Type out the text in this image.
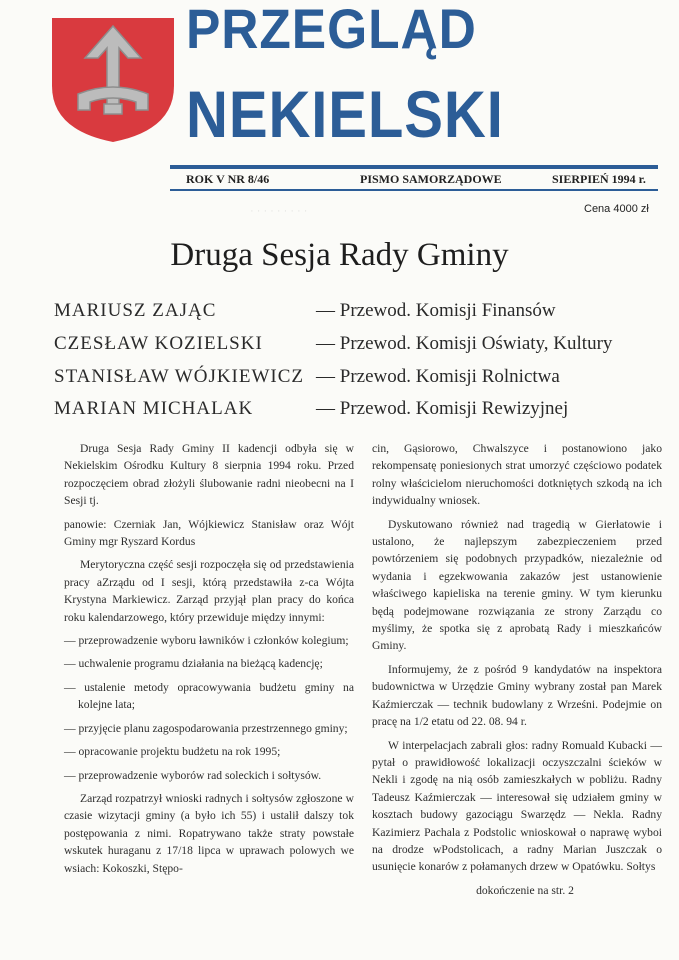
· · · · · · · · ·
PRZEGLĄD
NEKIELSKI
ROK V NR 8/46	PISMO SAMORZĄDOWE	SIERPIEŃ 1994 r.
Cena 4000 zł
Druga Sesja Rady Gminy
MARIUSZ ZAJĄC	— Przewod. Komisji Finansów
CZESŁAW KOZIELSKI	— Przewod. Komisji Oświaty, Kultury
STANISŁAW WÓJKIEWICZ — Przewod. Komisji Rolnictwa
MARIAN MICHALAK	— Przewod. Komisji Rewizyjnej

Druga Sesja Rady Gminy II kadencji odbyła się w Nekielskim Ośrodku Kultury 8 sierpnia 1994 roku. Przed rozpoczęciem obrad złożyli ślubowanie radni nieobecni na I Sesji tj.

panowie: Czerniak Jan, Wójkiewicz Stanisław oraz Wójt Gminy mgr Ryszard Kordus

Merytoryczna część sesji rozpoczęła się od przedstawienia pracy aZrządu od I sesji, którą przedstawiła z-ca Wójta Krystyna Markiewicz. Zarząd przyjął plan pracy do końca roku kalendarzowego, który przewiduje między innymi:

— przeprowadzenie wyboru ławników i członków kolegium;
— uchwalenie programu działania na bieżącą kadencję;
— ustalenie metody opracowywania budżetu gminy na kolejne lata;
— przyjęcie planu zagospodarowania przestrzennego gminy;
— opracowanie projektu budżetu na rok 1995;
— przeprowadzenie wyborów rad soleckich i sołtysów.

Zarząd rozpatrzył wnioski radnych i sołtysów zgłoszone w czasie wizytacji gminy (a było ich 55) i ustalił dalszy tok postępowania z nimi. Ropatrywano także straty powstałe wskutek huraganu z 17/18 lipca w uprawach polowych we wsiach: Kokoszki, Stępo-

cin, Gąsiorowo, Chwalszyce i postanowiono jako rekompensatę poniesionych strat umorzyć częściowo podatek rolny właścicielom nieruchomości dotkniętych szkodą na ich indywidualny wniosek.

Dyskutowano również nad tragedią w Gierłatowie i ustalono, że najlepszym zabezpieczeniem przed powtórzeniem się podobnych przypadków, niezależnie od wydania i egzekwowania zakazów jest ustanowienie właściwego kapieliska na terenie gminy. W tym kierunku będą podejmowane rozwiązania ze strony Zarządu co myślimy, że spotka się z aprobatą Rady i mieszkańców Gminy.

Informujemy, że z pośród 9 kandydatów na inspektora budownictwa w Urzędzie Gminy wybrany został pan Marek Kaźmierczak — technik budowlany z Wrześni. Podejmie on pracę na 1/2 etatu od 22. 08. 94 r.

W interpelacjach zabrali głos: radny Romuald Kubacki — pytał o prawidłowość lokalizacji oczyszczalni ścieków w Nekli i zgodę na nią osób zamieszkałych w pobliżu. Radny Tadeusz Kaźmierczak — interesował się udziałem gminy w kosztach budowy gazociągu Swarzędz — Nekla. Radny Kazimierz Pachala z Podstolic wnioskował o naprawę wyboi na drodze wPodstolicach, a radny Marian Juszczak o usunięcie konarów z połamanych drzew w Opatówku. Sołtys

dokończenie na str. 2
